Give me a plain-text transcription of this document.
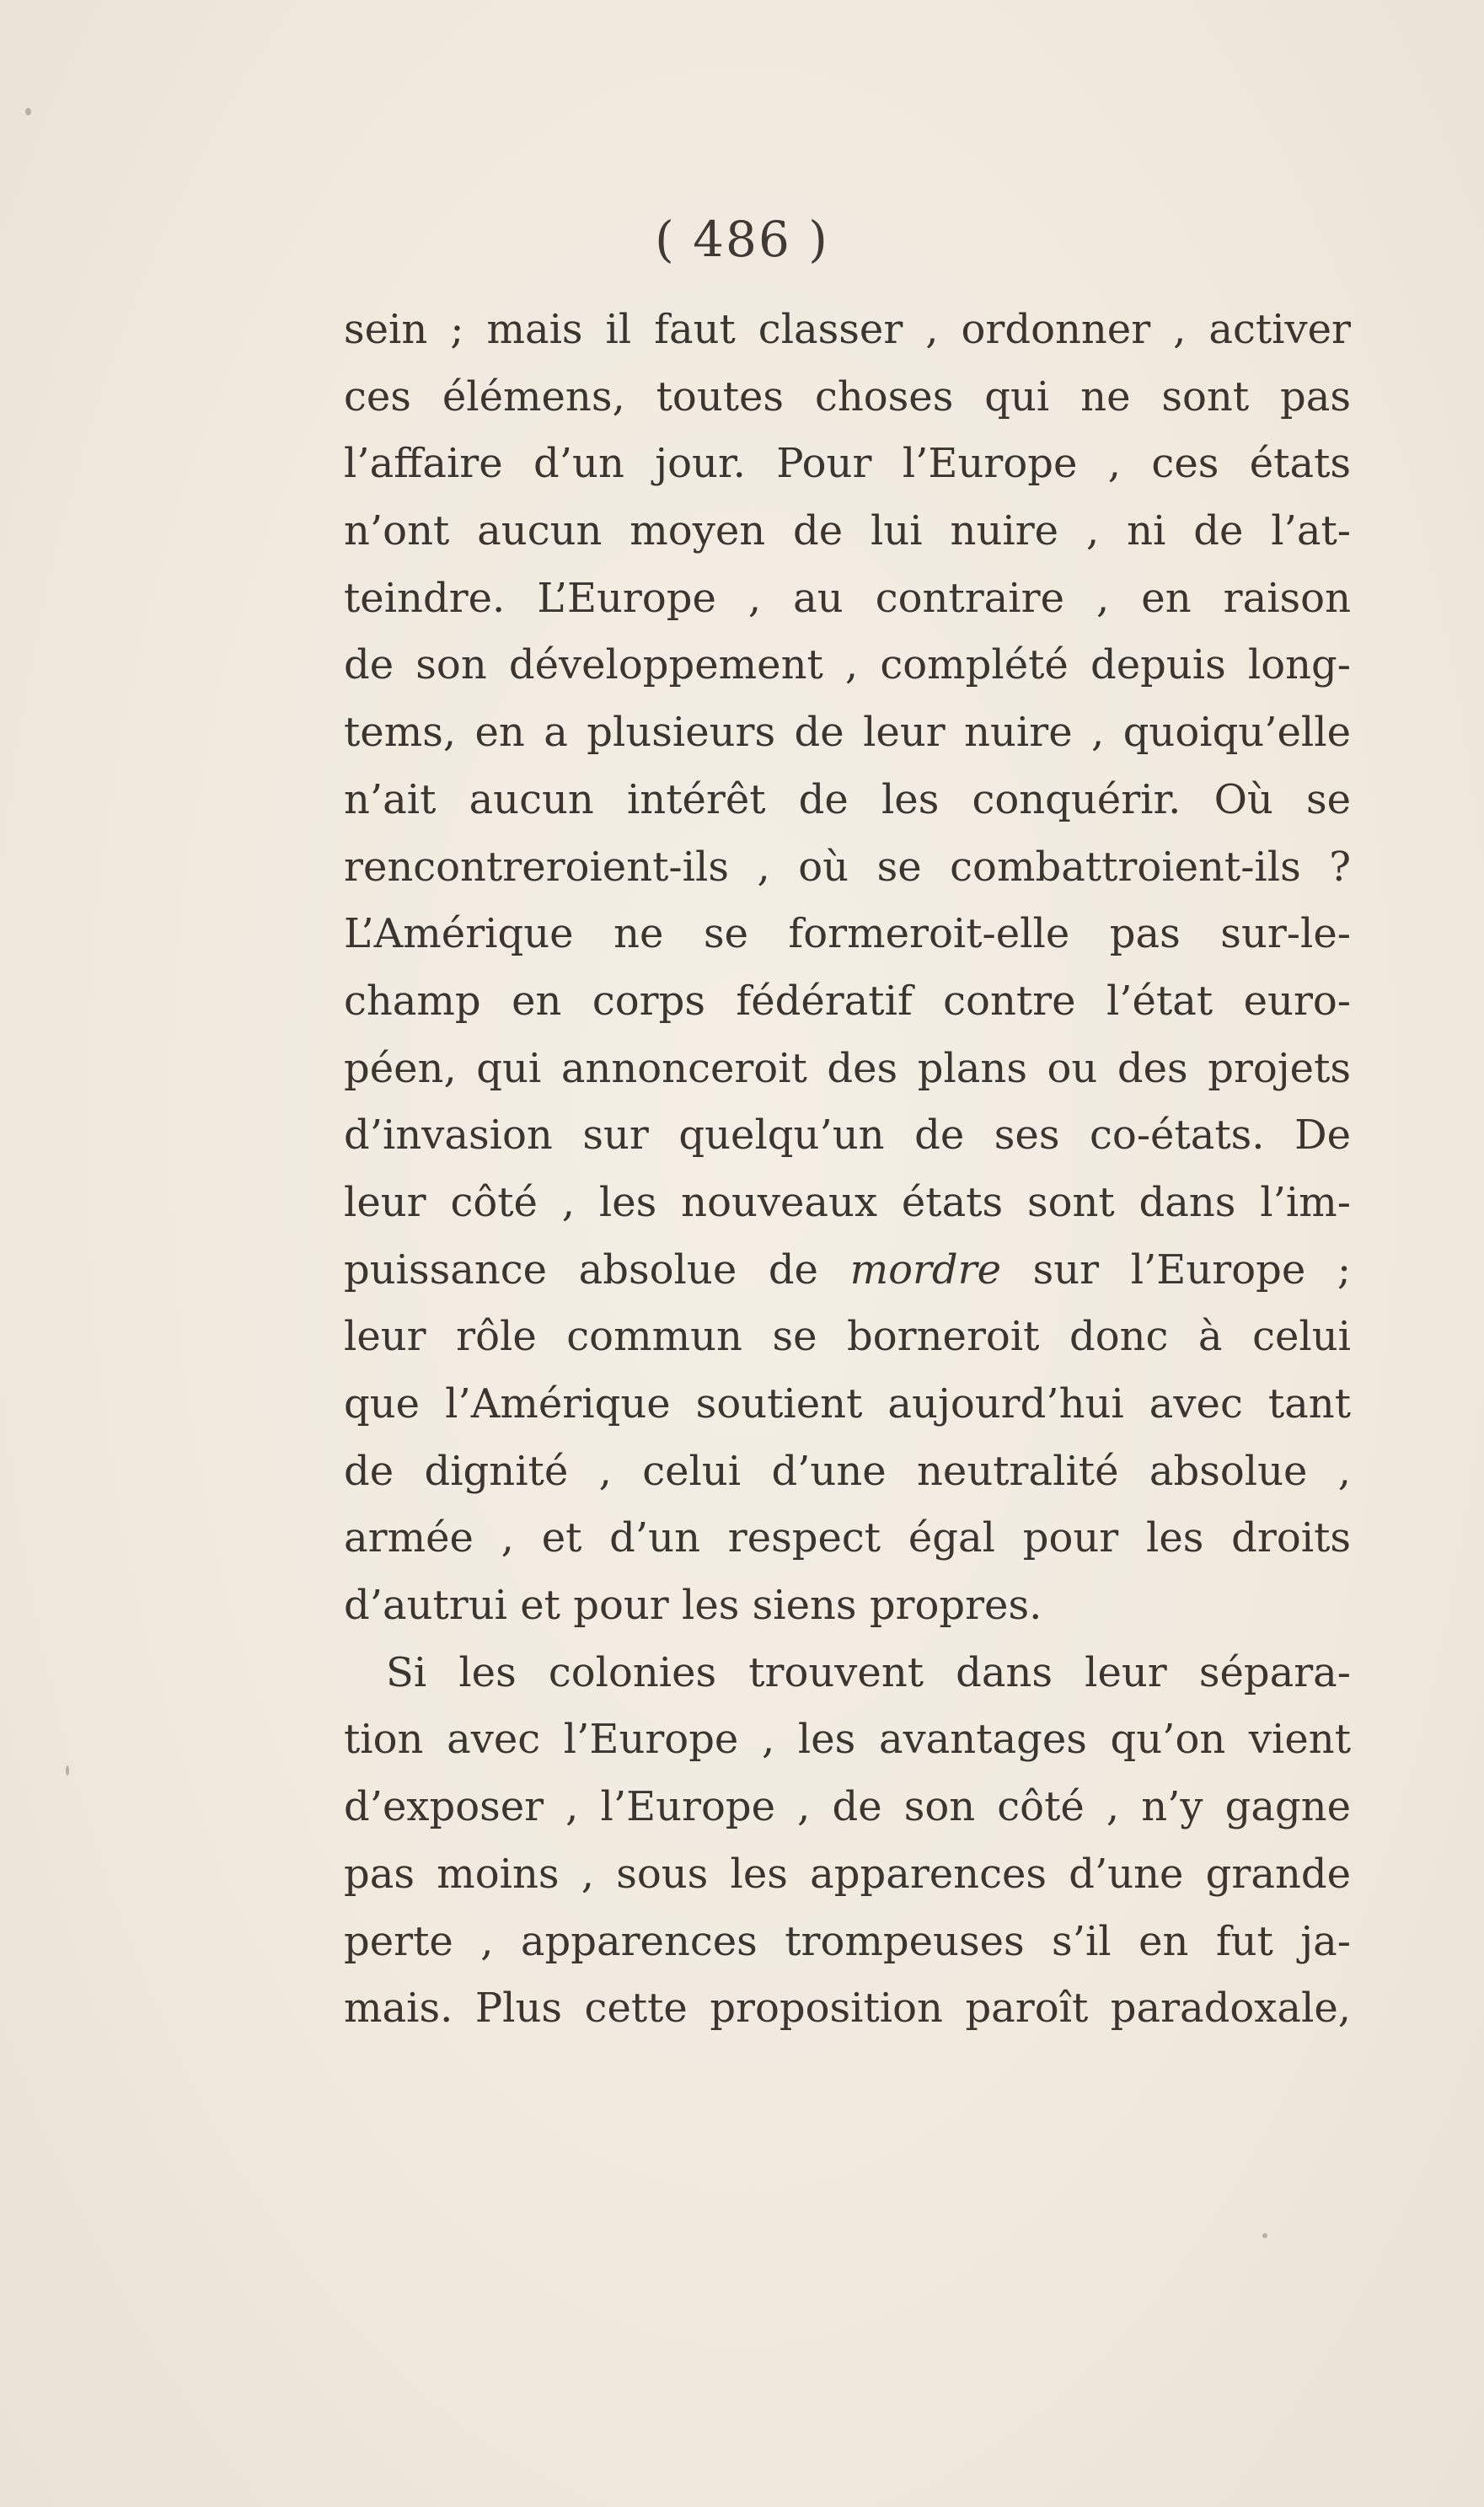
( 486 )
sein ; mais il faut classer , ordonner , activer
ces élémens, toutes choses qui ne sont pas
l’affaire d’un jour. Pour l’Europe , ces états
n’ont aucun moyen de lui nuire , ni de l’at-
teindre. L’Europe , au contraire , en raison
de son développement , complété depuis long-
tems, en a plusieurs de leur nuire , quoiqu’elle
n’ait aucun intérêt de les conquérir. Où se
rencontreroient-ils , où se combattroient-ils ?
L’Amérique ne se formeroit-elle pas sur-le-
champ en corps fédératif contre l’état euro-
péen, qui annonceroit des plans ou des projets
d’invasion sur quelqu’un de ses co-états. De
leur côté , les nouveaux états sont dans l’im-
puissance absolue de mordre sur l’Europe ;
leur rôle commun se borneroit donc à celui
que l’Amérique soutient aujourd’hui avec tant
de dignité , celui d’une neutralité absolue ,
armée , et d’un respect égal pour les droits
d’autrui et pour les siens propres.
Si les colonies trouvent dans leur sépara-
tion avec l’Europe , les avantages qu’on vient
d’exposer , l’Europe , de son côté , n’y gagne
pas moins , sous les apparences d’une grande
perte , apparences trompeuses s’il en fut ja-
mais. Plus cette proposition paroît paradoxale,
